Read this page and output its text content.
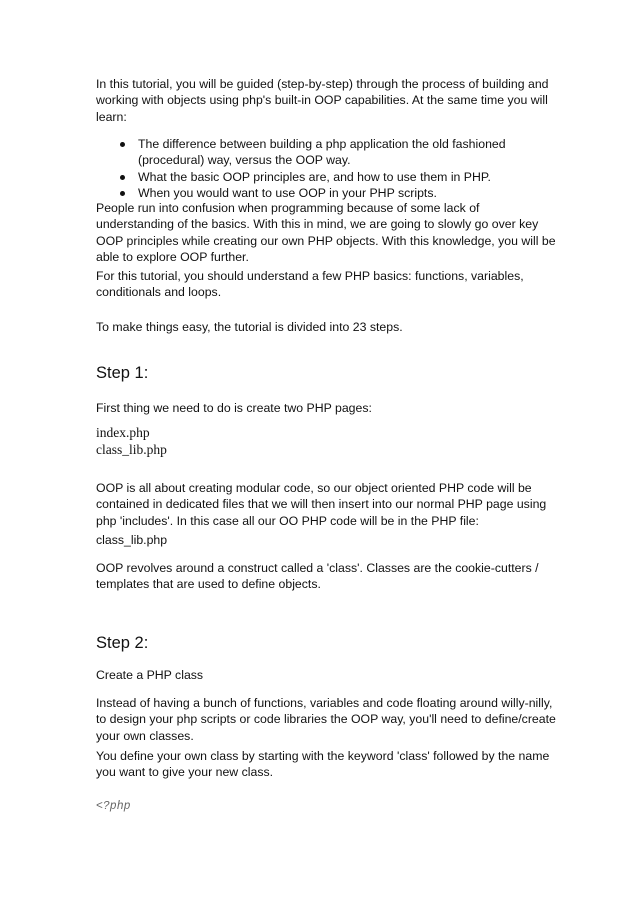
In this tutorial, you will be guided (step-by-step) through the process of building and
working with objects using php's built-in OOP capabilities. At the same time you will
learn:

The difference between building a php application the old fashioned
(procedural) way, versus the OOP way.
What the basic OOP principles are, and how to use them in PHP.
When you would want to use OOP in your PHP scripts.

People run into confusion when programming because of some lack of
understanding of the basics. With this in mind, we are going to slowly go over key
OOP principles while creating our own PHP objects. With this knowledge, you will be
able to explore OOP further.

For this tutorial, you should understand a few PHP basics: functions, variables,
conditionals and loops.

To make things easy, the tutorial is divided into 23 steps.

Step 1:

First thing we need to do is create two PHP pages:

index.php
class_lib.php

OOP is all about creating modular code, so our object oriented PHP code will be
contained in dedicated files that we will then insert into our normal PHP page using
php 'includes'. In this case all our OO PHP code will be in the PHP file:

class_lib.php

OOP revolves around a construct called a 'class'. Classes are the cookie-cutters /
templates that are used to define objects.

Step 2:

Create a PHP class

Instead of having a bunch of functions, variables and code floating around willy-nilly,
to design your php scripts or code libraries the OOP way, you'll need to define/create
your own classes.

You define your own class by starting with the keyword 'class' followed by the name
you want to give your new class.

<?php
